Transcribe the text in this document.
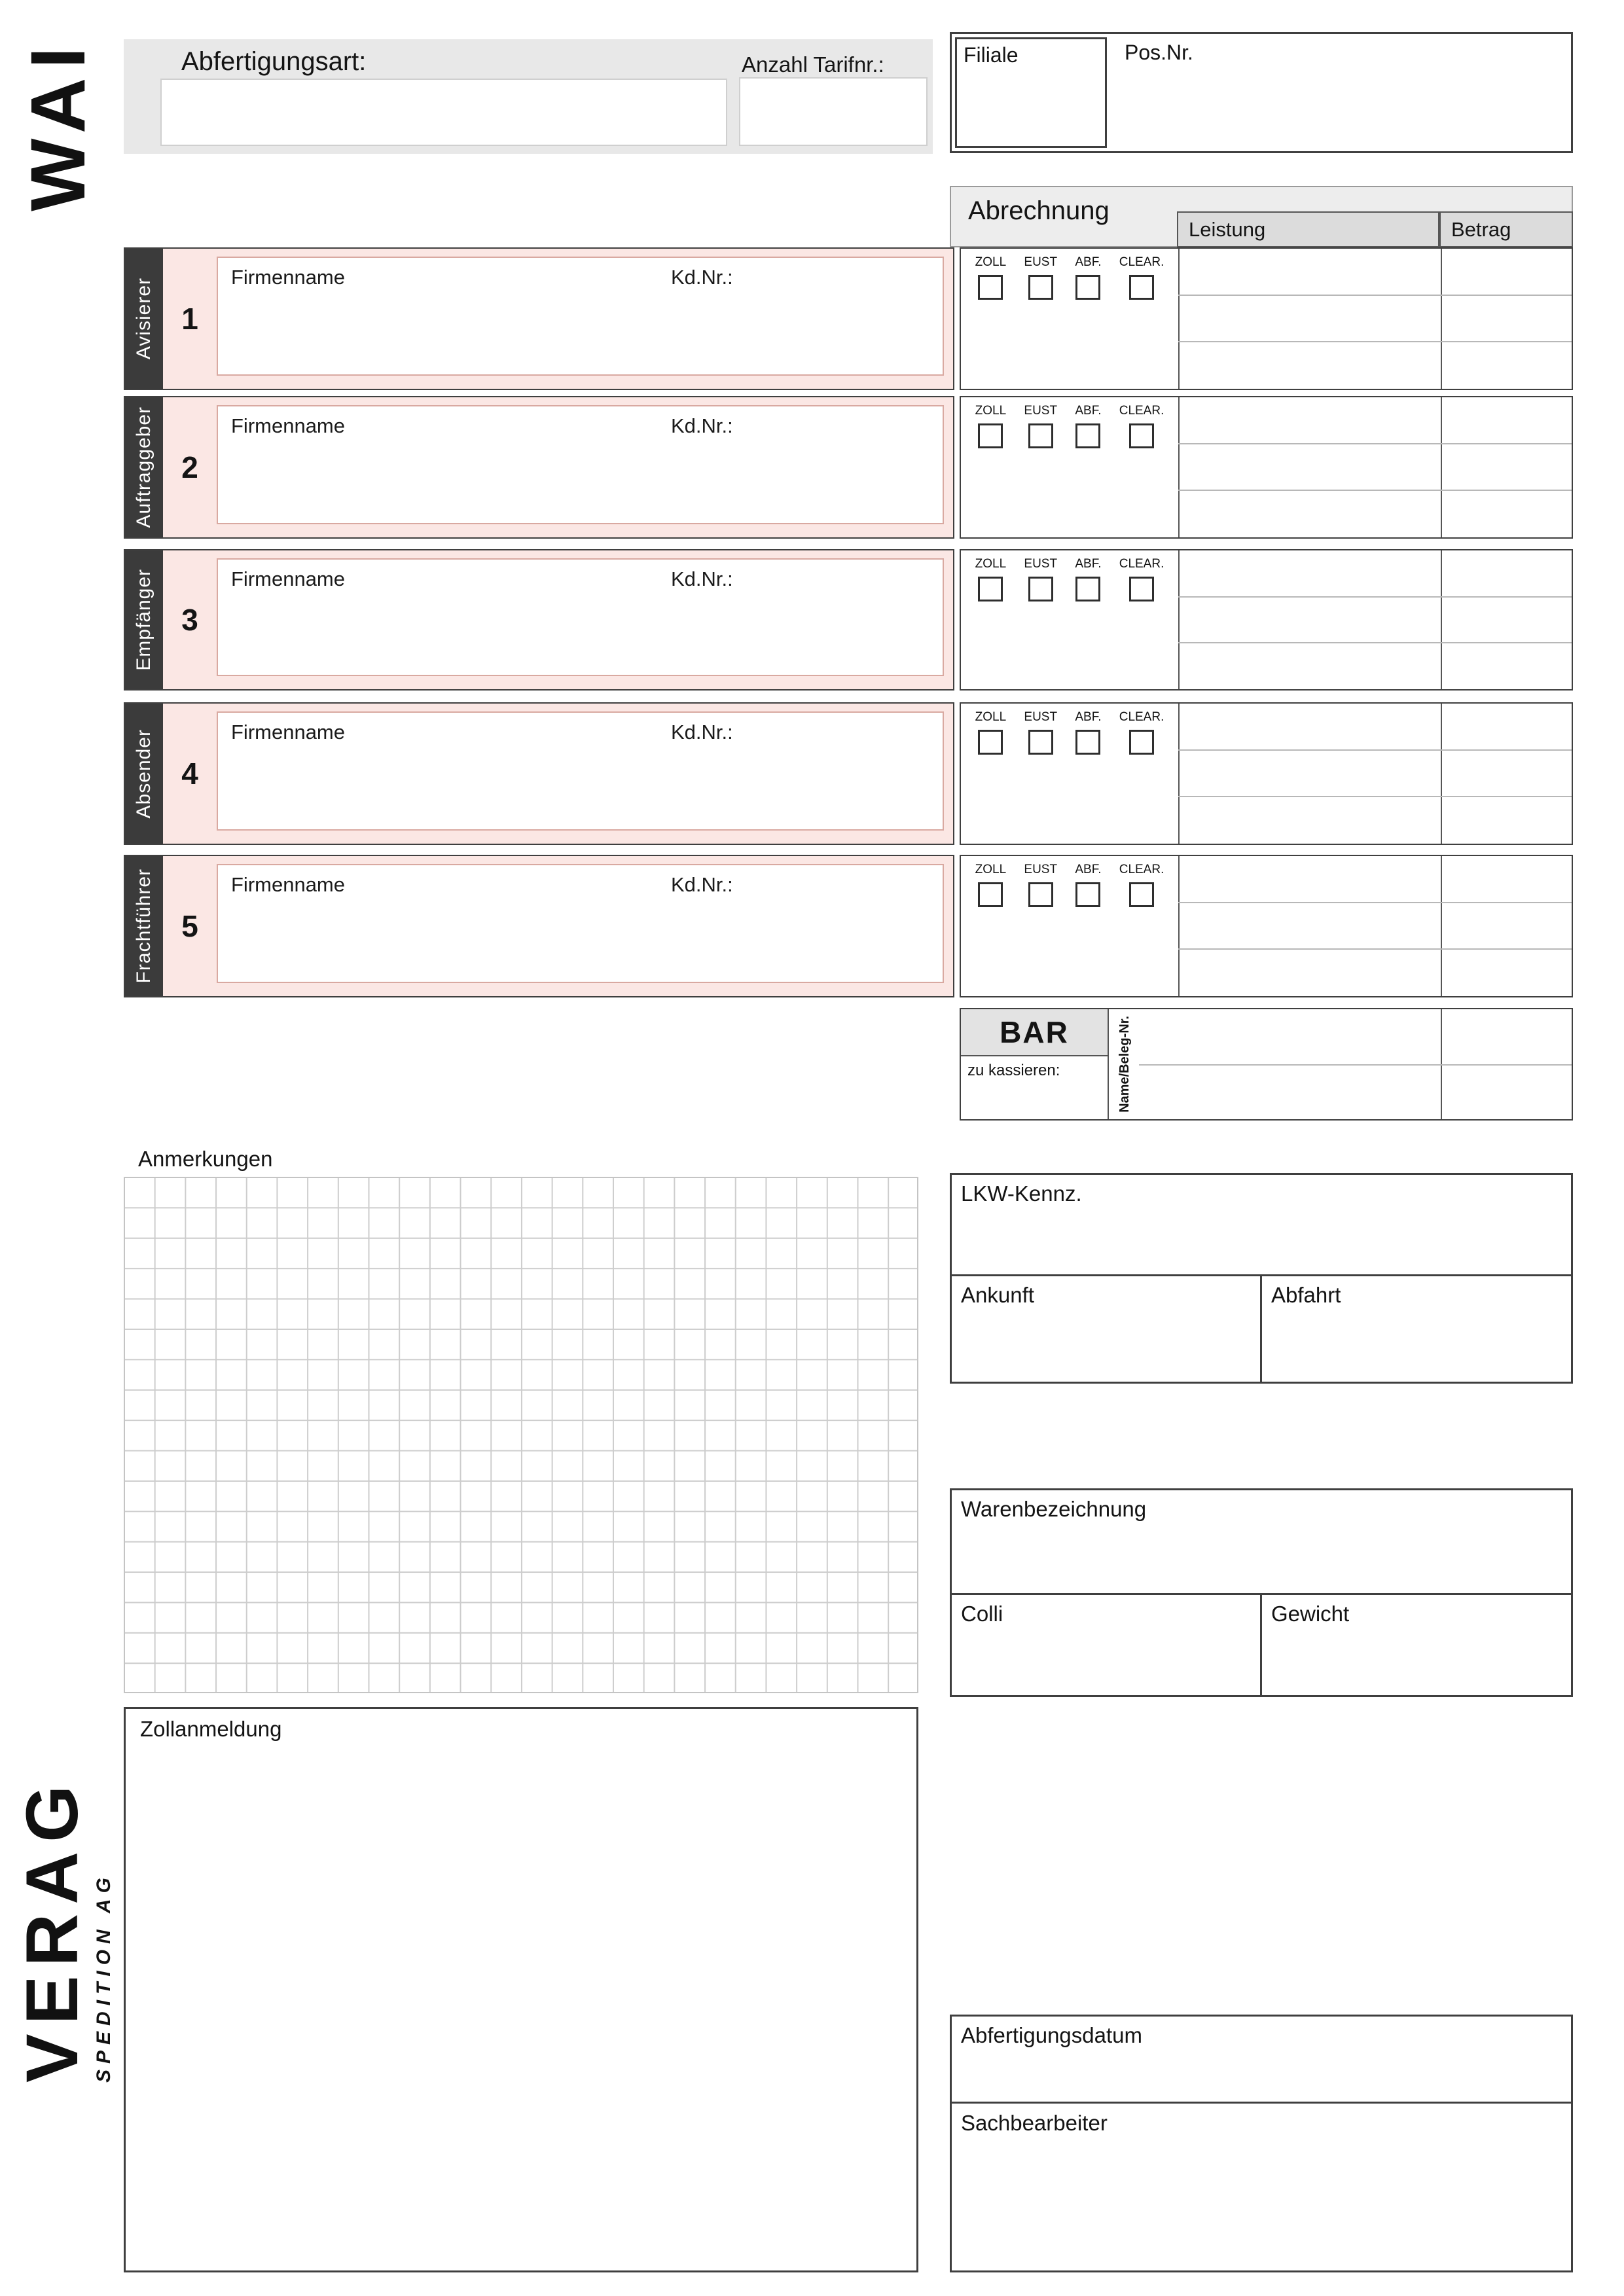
WAI	Abfertigungsart:	Anzahl Tarifnr.:	Filiale	Pos.Nr.
Abrechnung
Leistung	Betrag
Avisierer 1
Firmenname	Kd.Nr.:
ZOLL EUST ABF. CLEAR.
Auftraggeber 2
Firmenname	Kd.Nr.:
ZOLL EUST ABF. CLEAR.
Empfänger 3
Firmenname	Kd.Nr.:
ZOLL EUST ABF. CLEAR.
Absender 4
Firmenname	Kd.Nr.:
ZOLL EUST ABF. CLEAR.
Frachtführer 5
Firmenname	Kd.Nr.:
ZOLL EUST ABF. CLEAR.
BAR
zu kassieren:	Name/Beleg-Nr.
Anmerkungen
LKW-Kennz.
Ankunft	Abfahrt
Warenbezeichnung
Colli	Gewicht
Zollanmeldung
Abfertigungsdatum
Sachbearbeiter
VERAG SPEDITION AG
